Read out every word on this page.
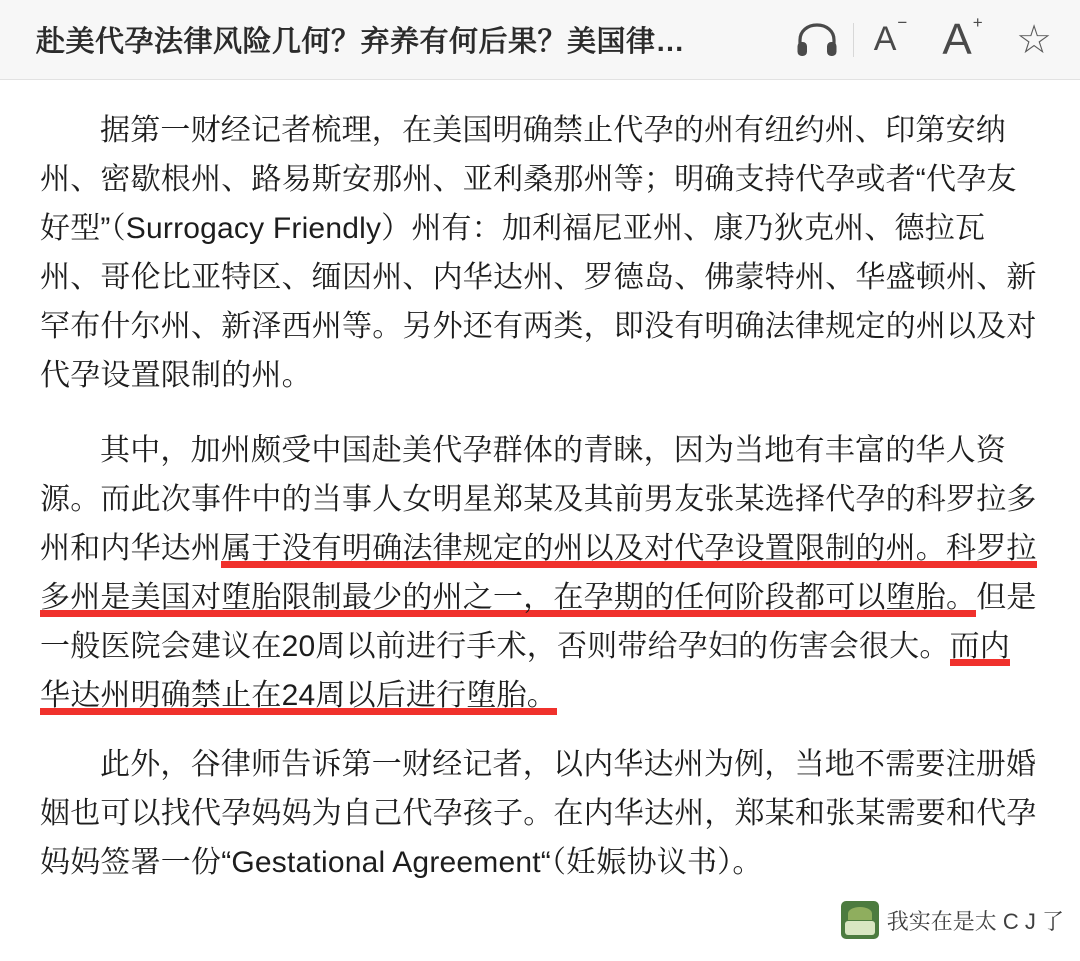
赴美代孕法律风险几何？弃养有何后果？美国律…	A− A+ ☆

据第一财经记者梳理，在美国明确禁止代孕的州有纽约州、印第安纳州、密歇根州、路易斯安那州、亚利桑那州等；明确支持代孕或者“代孕友好型”（Surrogacy Friendly）州有：加利福尼亚州、康乃狄克州、德拉瓦州、哥伦比亚特区、缅因州、内华达州、罗德岛、佛蒙特州、华盛顿州、新罕布什尔州、新泽西州等。另外还有两类，即没有明确法律规定的州以及对代孕设置限制的州。

其中，加州颇受中国赴美代孕群体的青睐，因为当地有丰富的华人资源。而此次事件中的当事人女明星郑某及其前男友张某选择代孕的科罗拉多州和内华达州属于没有明确法律规定的州以及对代孕设置限制的州。科罗拉多州是美国对堕胎限制最少的州之一，在孕期的任何阶段都可以堕胎。但是一般医院会建议在20周以前进行手术，否则带给孕妇的伤害会很大。而内华达州明确禁止在24周以后进行堕胎。

此外，谷律师告诉第一财经记者，以内华达州为例，当地不需要注册婚姻也可以找代孕妈妈为自己代孕孩子。在内华达州，郑某和张某需要和代孕妈妈签署一份“Gestational Agreement“（妊娠协议书）。

我实在是太 C J 了
